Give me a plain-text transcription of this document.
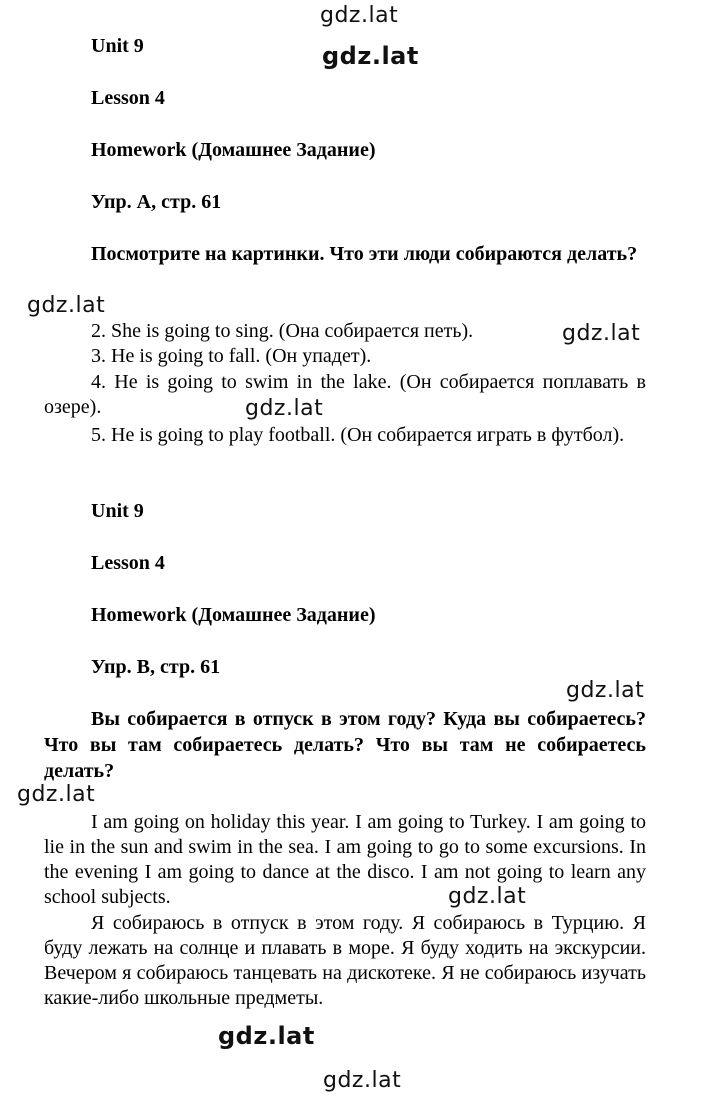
gdz.lat
gdz.lat
gdz.lat
gdz.lat
gdz.lat
gdz.lat
gdz.lat
gdz.lat
gdz.lat
gdz.lat
Unit 9
Lesson 4
Homework (Домашнее Задание)
Упр. A, стр. 61
Посмотрите на картинки. Что эти люди собираются делать?

2. She is going to sing. (Она собирается петь).

3. He is going to fall. (Он упадет).

4. He is going to swim in the lake. (Он собирается поплавать в озере).

5. He is going to play football. (Он собирается играть в футбол).

Unit 9
Lesson 4
Homework (Домашнее Задание)
Упр. B, стр. 61
Вы собирается в отпуск в этом году? Куда вы собираетесь? Что вы там собираетесь делать? Что вы там не собираетесь делать?

I am going on holiday this year. I am going to Turkey. I am going to lie in the sun and swim in the sea. I am going to go to some excursions. In the evening I am going to dance at the disco. I am not going to learn any school subjects.

Я собираюсь в отпуск в этом году. Я собираюсь в Турцию. Я буду лежать на солнце и плавать в море. Я буду ходить на экскурсии. Вечером я собираюсь танцевать на дискотеке. Я не собираюсь изучать какие-либо школьные предметы.
